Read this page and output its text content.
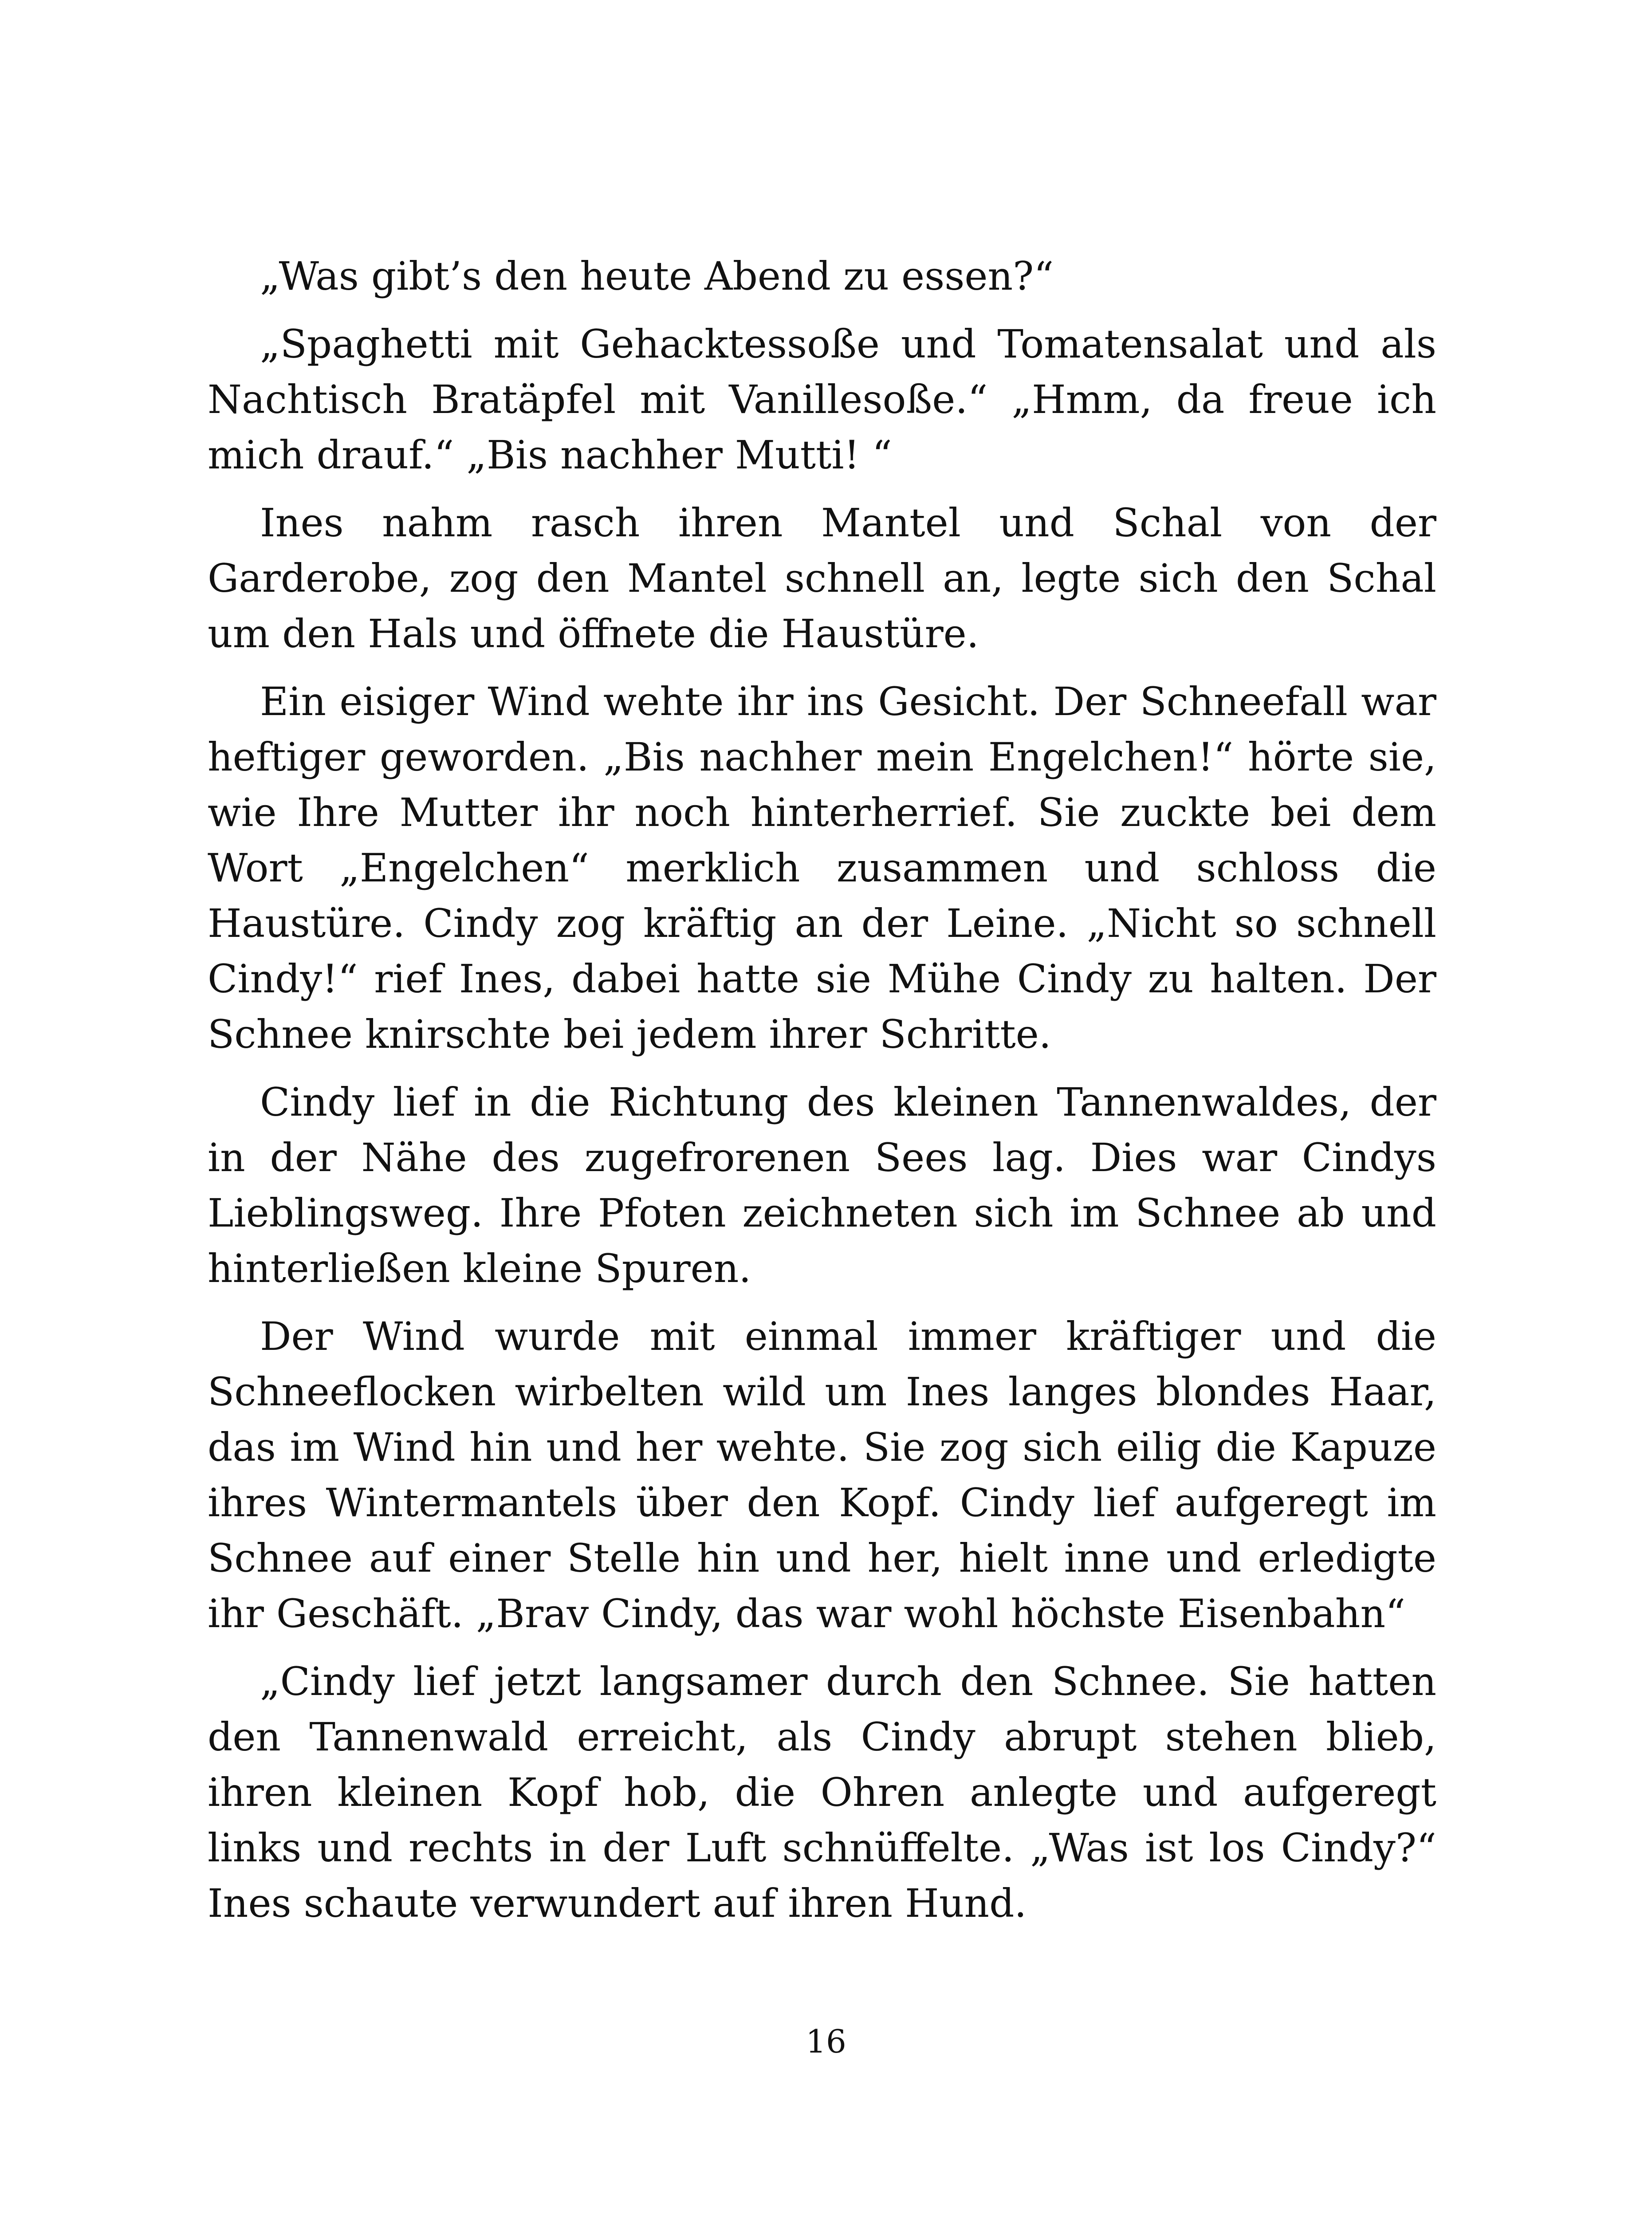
„Was gibt’s den heute Abend zu essen?“

„Spaghetti mit Gehacktessoße und Tomatensalat und als Nachtisch Bratäpfel mit Vanillesoße.“ „Hmm, da freue ich mich drauf.“ „Bis nachher Mutti! “

Ines nahm rasch ihren Mantel und Schal von der Garderobe, zog den Mantel schnell an, legte sich den Schal um den Hals und öffnete die Haustüre.

Ein eisiger Wind wehte ihr ins Gesicht. Der Schneefall war heftiger geworden. „Bis nachher mein Engelchen!“ hörte sie, wie Ihre Mutter ihr noch hinterherrief. Sie zuckte bei dem Wort „Engelchen“ merklich zusammen und schloss die Haustüre. Cindy zog kräftig an der Leine. „Nicht so schnell Cindy!“ rief Ines, dabei hatte sie Mühe Cindy zu halten. Der Schnee knirschte bei jedem ihrer Schritte.

Cindy lief in die Richtung des kleinen Tannenwaldes, der in der Nähe des zugefrorenen Sees lag. Dies war Cindys Lieblingsweg. Ihre Pfoten zeichneten sich im Schnee ab und hinterließen kleine Spuren.

Der Wind wurde mit einmal immer kräftiger und die Schneeflocken wirbelten wild um Ines langes blondes Haar, das im Wind hin und her wehte. Sie zog sich eilig die Kapuze ihres Wintermantels über den Kopf. Cindy lief aufgeregt im Schnee auf einer Stelle hin und her, hielt inne und erledigte ihr Geschäft. „Brav Cindy, das war wohl höchste Eisenbahn“

„Cindy lief jetzt langsamer durch den Schnee. Sie hatten den Tannenwald erreicht, als Cindy abrupt stehen blieb, ihren kleinen Kopf hob, die Ohren anlegte und aufgeregt links und rechts in der Luft schnüffelte. „Was ist los Cindy?“ Ines schaute verwundert auf ihren Hund.

16
